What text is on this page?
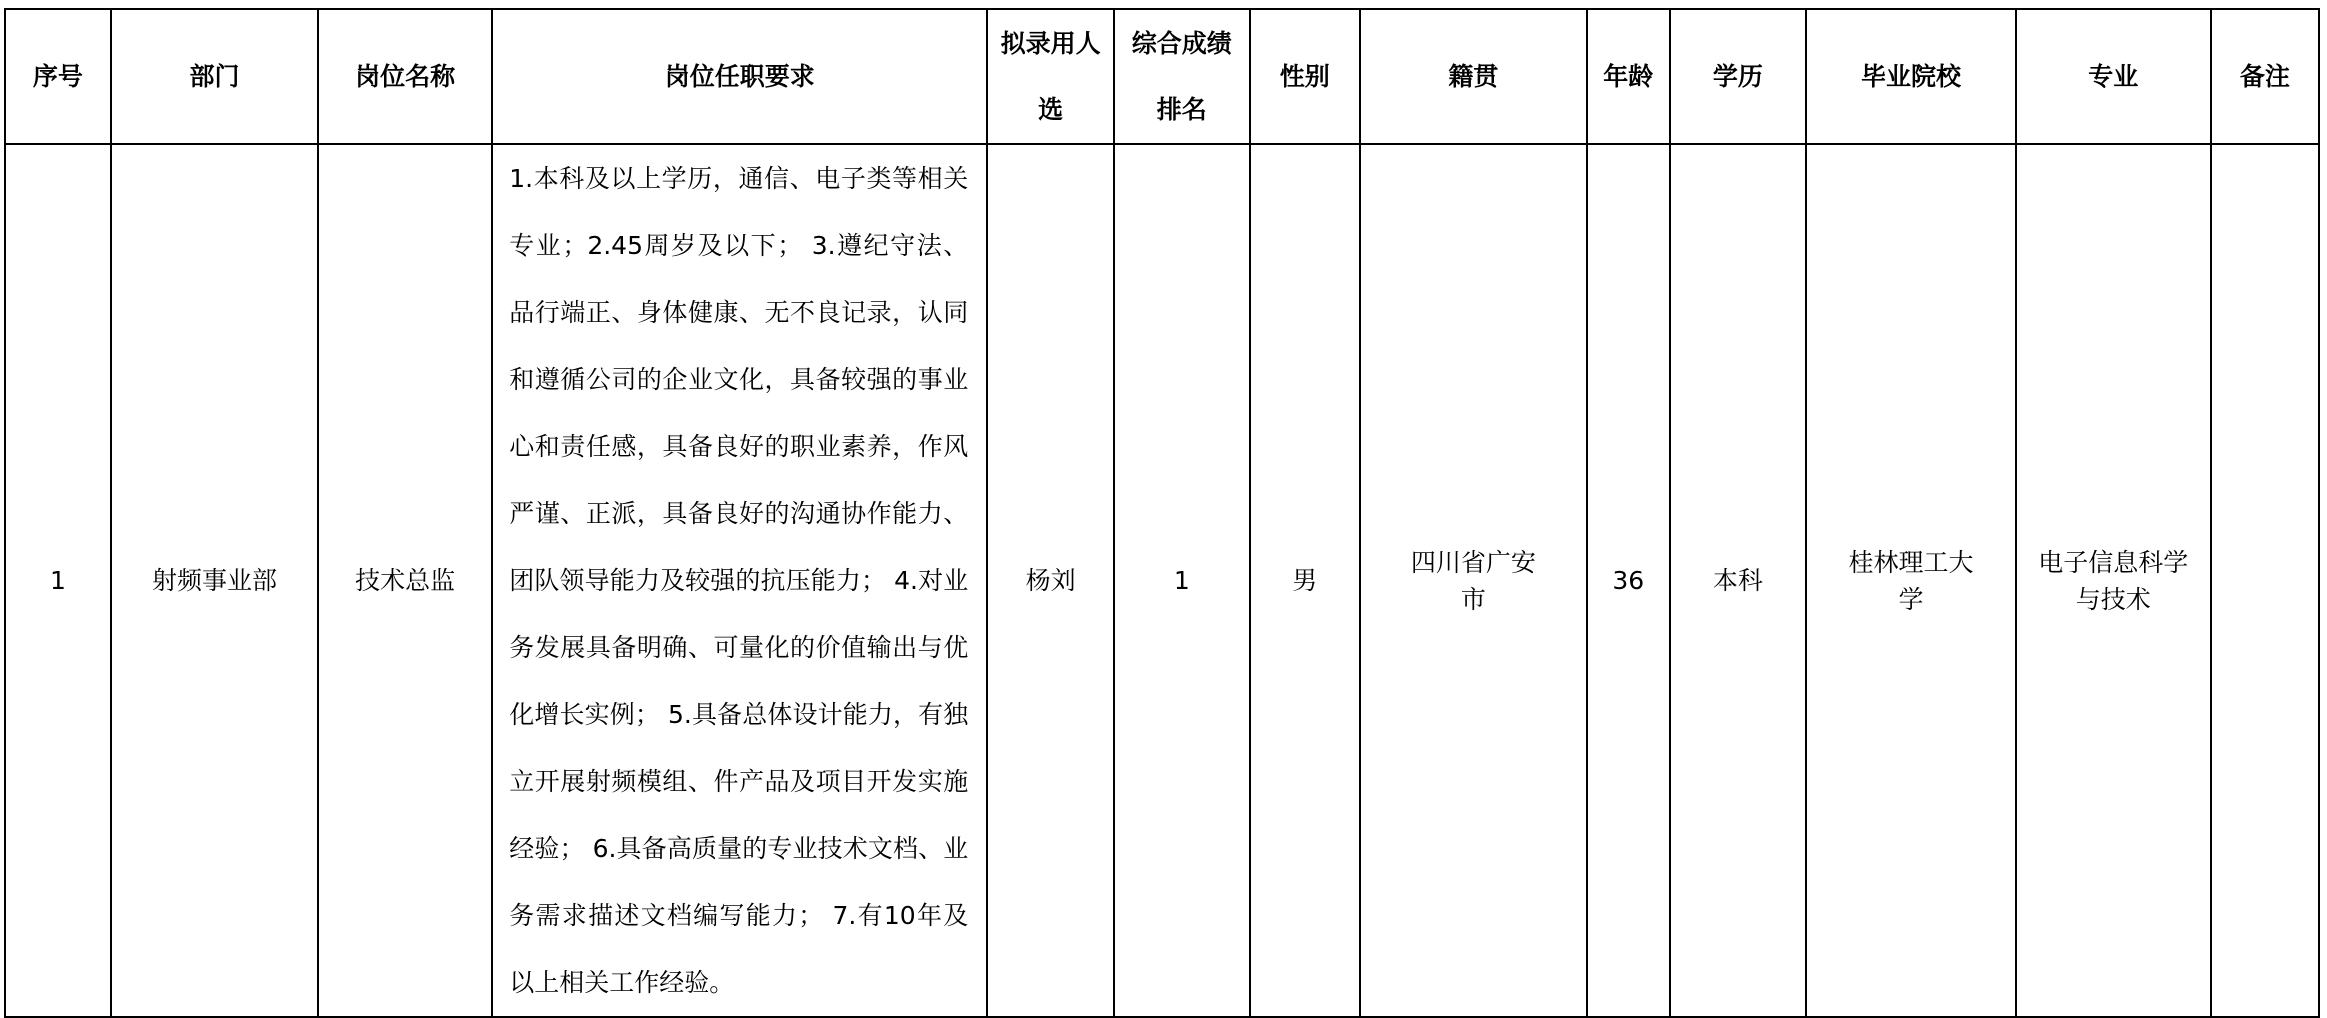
序号	部门	岗位名称	岗位任职要求	拟录用人选	综合成绩排名	性别	籍贯	年龄	学历	毕业院校	专业	备注
1	射频事业部	技术总监	1.本科及以上学历，通信、电子类等相关专业；2.45周岁及以下； 3.遵纪守法、品行端正、身体健康、无不良记录，认同和遵循公司的企业文化，具备较强的事业心和责任感，具备良好的职业素养，作风严谨、正派，具备良好的沟通协作能力、团队领导能力及较强的抗压能力； 4.对业务发展具备明确、可量化的价值输出与优化增长实例； 5.具备总体设计能力，有独立开展射频模组、件产品及项目开发实施经验； 6.具备高质量的专业技术文档、业务需求描述文档编写能力； 7.有10年及以上相关工作经验。	杨刘	1	男	四川省广安市	36	本科	桂林理工大学	电子信息科学与技术	
